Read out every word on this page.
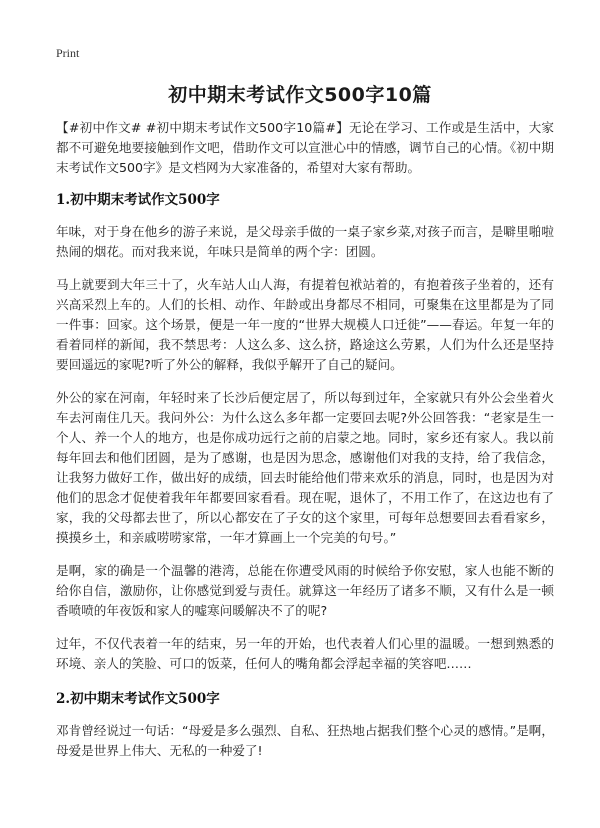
Print
初中期末考试作文500字10篇

【#初中作文# #初中期末考试作文500字10篇#】无论在学习、工作或是生活中，大家都不可避免地要接触到作文吧，借助作文可以宣泄心中的情感，调节自己的心情。《初中期末考试作文500字》是文档网为大家准备的，希望对大家有帮助。

1.初中期末考试作文500字

年味，对于身在他乡的游子来说，是父母亲手做的一桌子家乡菜,对孩子而言，是噼里啪啦热闹的烟花。而对我来说，年味只是简单的两个字：团圆。

马上就要到大年三十了，火车站人山人海，有提着包袱站着的，有抱着孩子坐着的，还有兴高采烈上车的。人们的长相、动作、年龄或出身都尽不相同，可聚集在这里都是为了同一件事：回家。这个场景，便是一年一度的“世界大规模人口迁徙”——春运。年复一年的看着同样的新闻，我不禁思考：人这么多、这么挤，路途这么劳累，人们为什么还是坚持要回遥远的家呢?听了外公的解释，我似乎解开了自己的疑问。

外公的家在河南，年轻时来了长沙后便定居了，所以每到过年，全家就只有外公会坐着火车去河南住几天。我问外公：为什么这么多年都一定要回去呢?外公回答我：“老家是生一个人、养一个人的地方，也是你成功远行之前的启蒙之地。同时，家乡还有家人。我以前每年回去和他们团圆，是为了感谢，也是因为思念，感谢他们对我的支持，给了我信念，让我努力做好工作，做出好的成绩，回去时能给他们带来欢乐的消息，同时，也是因为对他们的思念才促使着我年年都要回家看看。现在呢，退休了，不用工作了，在这边也有了家，我的父母都去世了，所以心都安在了子女的这个家里，可每年总想要回去看看家乡，摸摸乡土，和亲戚唠唠家常，一年才算画上一个完美的句号。”

是啊，家的确是一个温馨的港湾，总能在你遭受风雨的时候给予你安慰，家人也能不断的给你自信，激励你，让你感觉到爱与责任。就算这一年经历了诸多不顺，又有什么是一顿香喷喷的年夜饭和家人的嘘寒问暖解决不了的呢?

过年，不仅代表着一年的结束，另一年的开始，也代表着人们心里的温暖。一想到熟悉的环境、亲人的笑脸、可口的饭菜，任何人的嘴角都会浮起幸福的笑容吧……

2.初中期末考试作文500字

邓肯曾经说过一句话：“母爱是多么强烈、自私、狂热地占据我们整个心灵的感情。”是啊，母爱是世界上伟大、无私的一种爱了!
